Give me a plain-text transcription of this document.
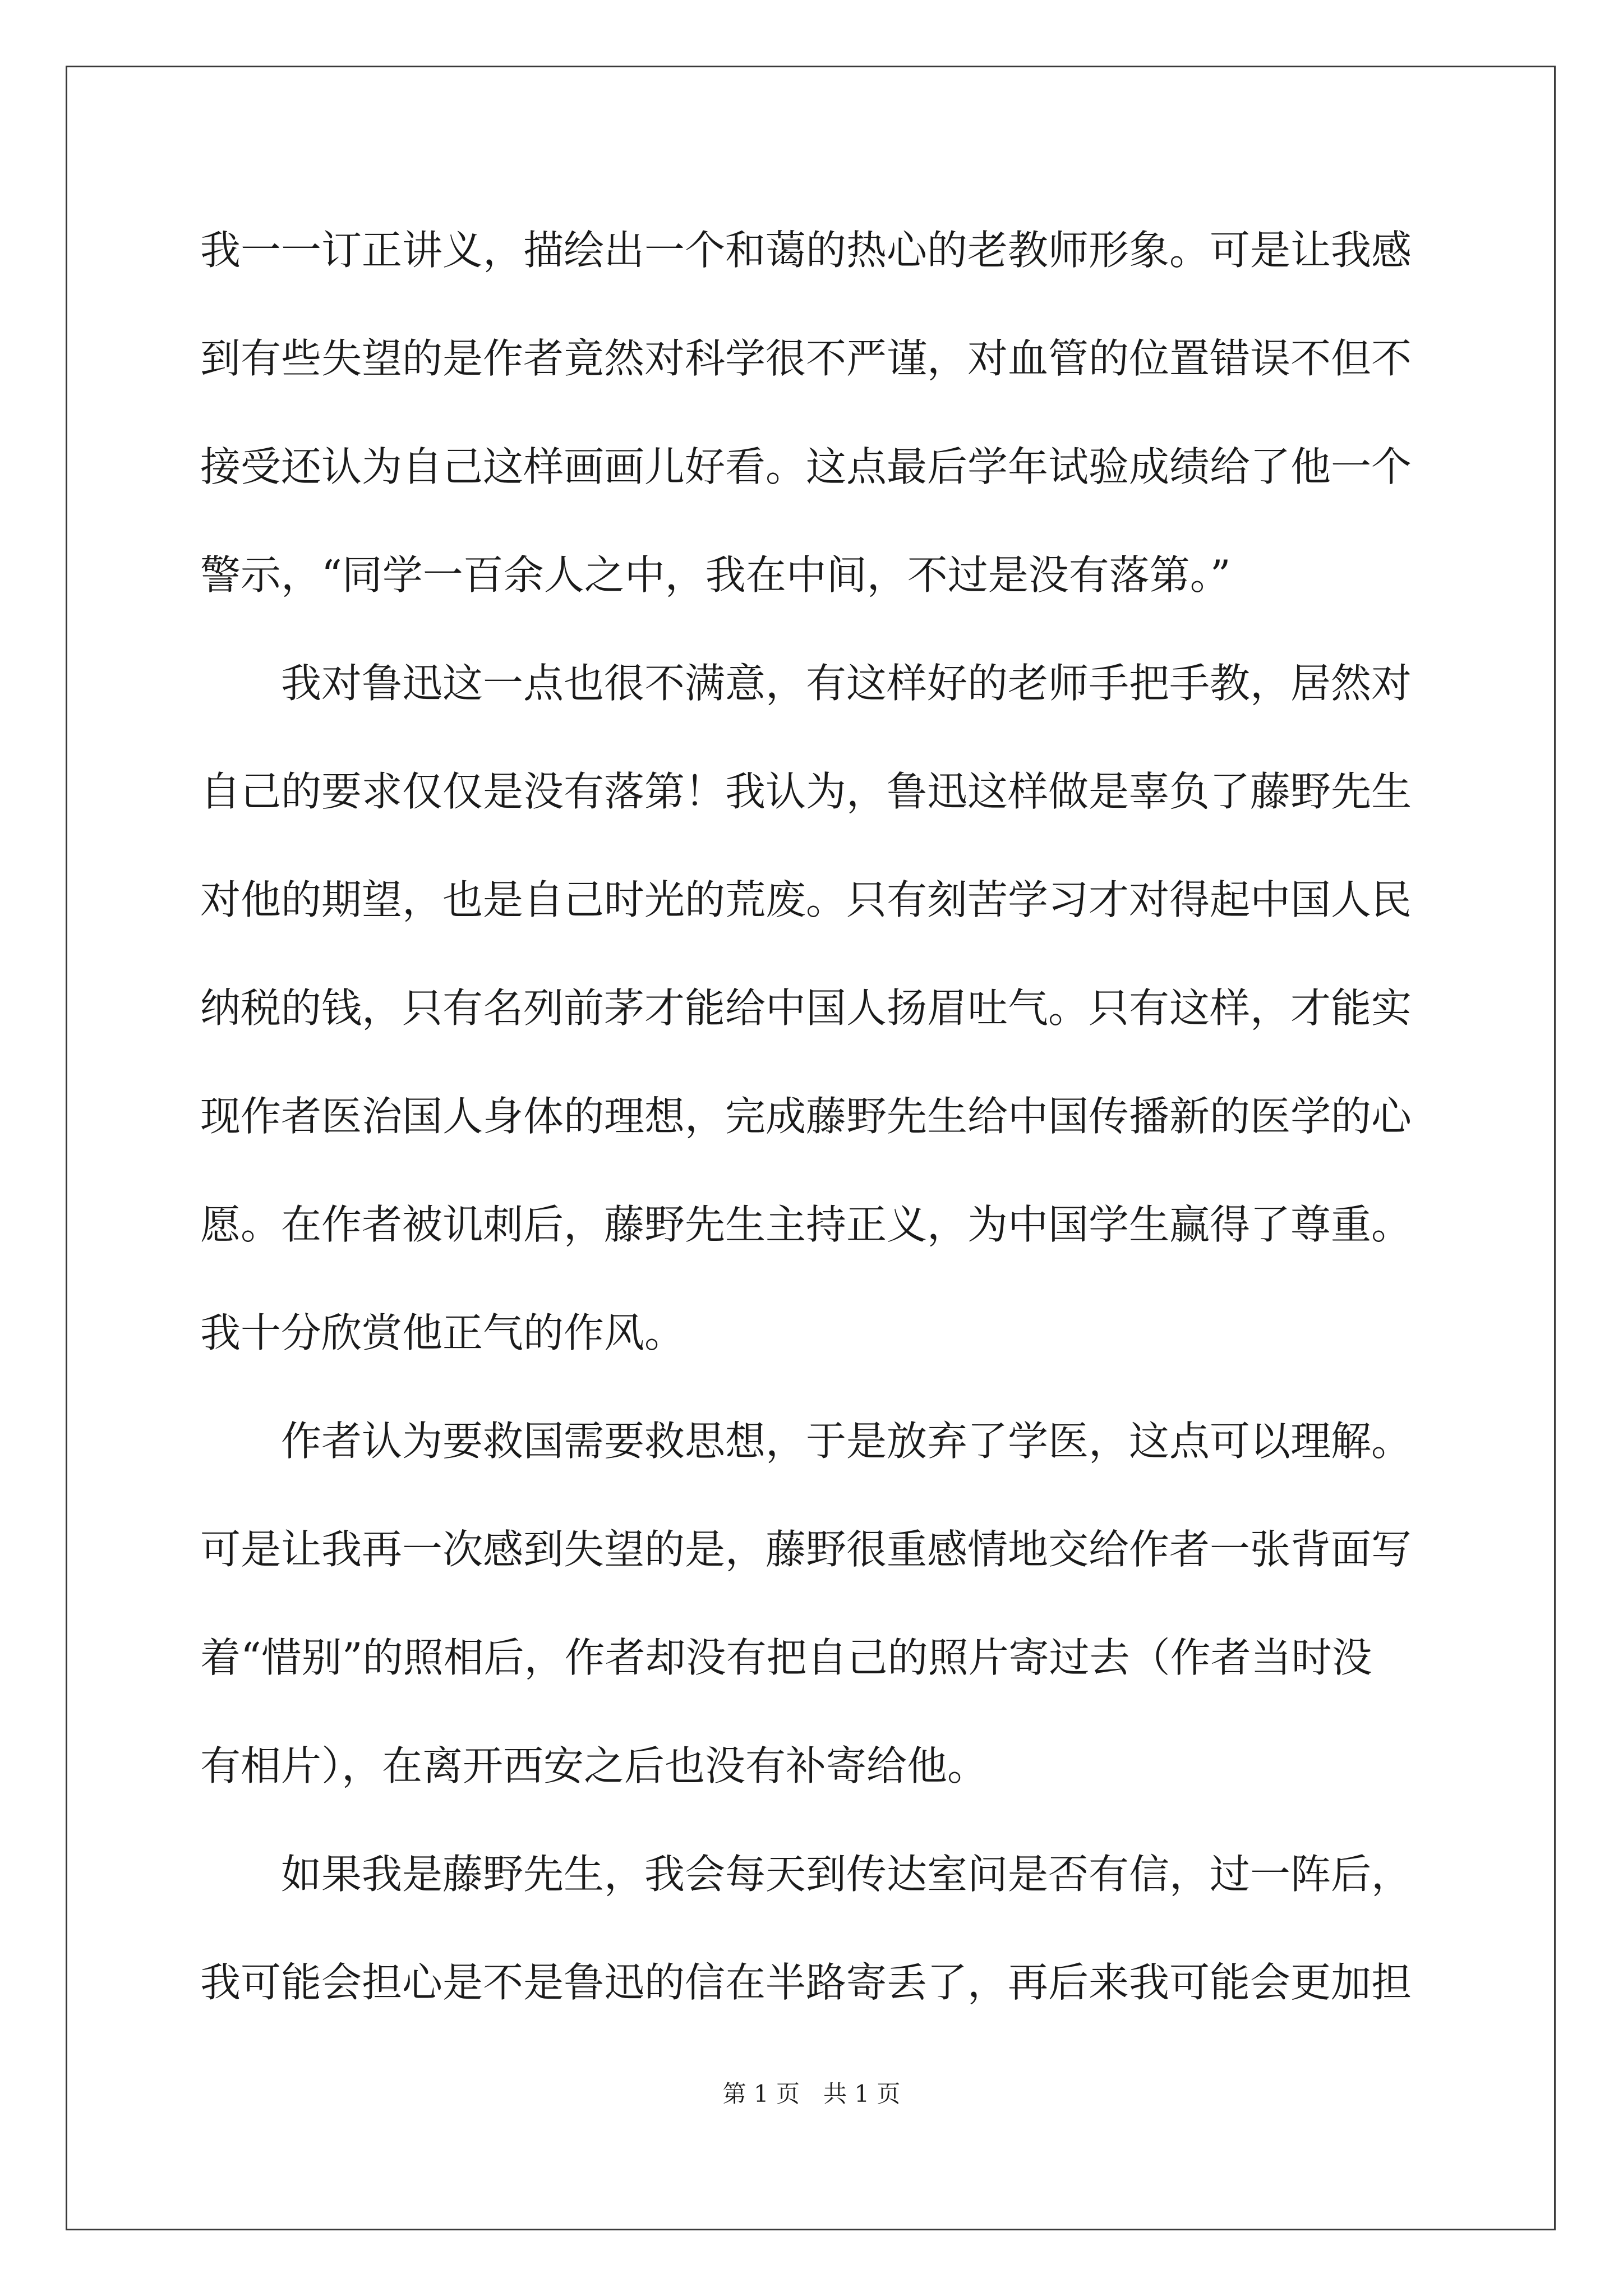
我一一订正讲义，描绘出一个和蔼的热心的老教师形象。可是让我感
到有些失望的是作者竟然对科学很不严谨，对血管的位置错误不但不
接受还认为自己这样画画儿好看。这点最后学年试验成绩给了他一个
警示，“同学一百余人之中，我在中间，不过是没有落第。”
我对鲁迅这一点也很不满意，有这样好的老师手把手教，居然对
自己的要求仅仅是没有落第！我认为，鲁迅这样做是辜负了藤野先生
对他的期望，也是自己时光的荒废。只有刻苦学习才对得起中国人民
纳税的钱，只有名列前茅才能给中国人扬眉吐气。只有这样，才能实
现作者医治国人身体的理想，完成藤野先生给中国传播新的医学的心
愿。在作者被讥刺后，藤野先生主持正义，为中国学生赢得了尊重。
我十分欣赏他正气的作风。
作者认为要救国需要救思想，于是放弃了学医，这点可以理解。
可是让我再一次感到失望的是，藤野很重感情地交给作者一张背面写
着“惜别”的照相后，作者却没有把自己的照片寄过去（作者当时没
有相片），在离开西安之后也没有补寄给他。
如果我是藤野先生，我会每天到传达室问是否有信，过一阵后，
我可能会担心是不是鲁迅的信在半路寄丢了，再后来我可能会更加担
第 1 页　共 1 页
